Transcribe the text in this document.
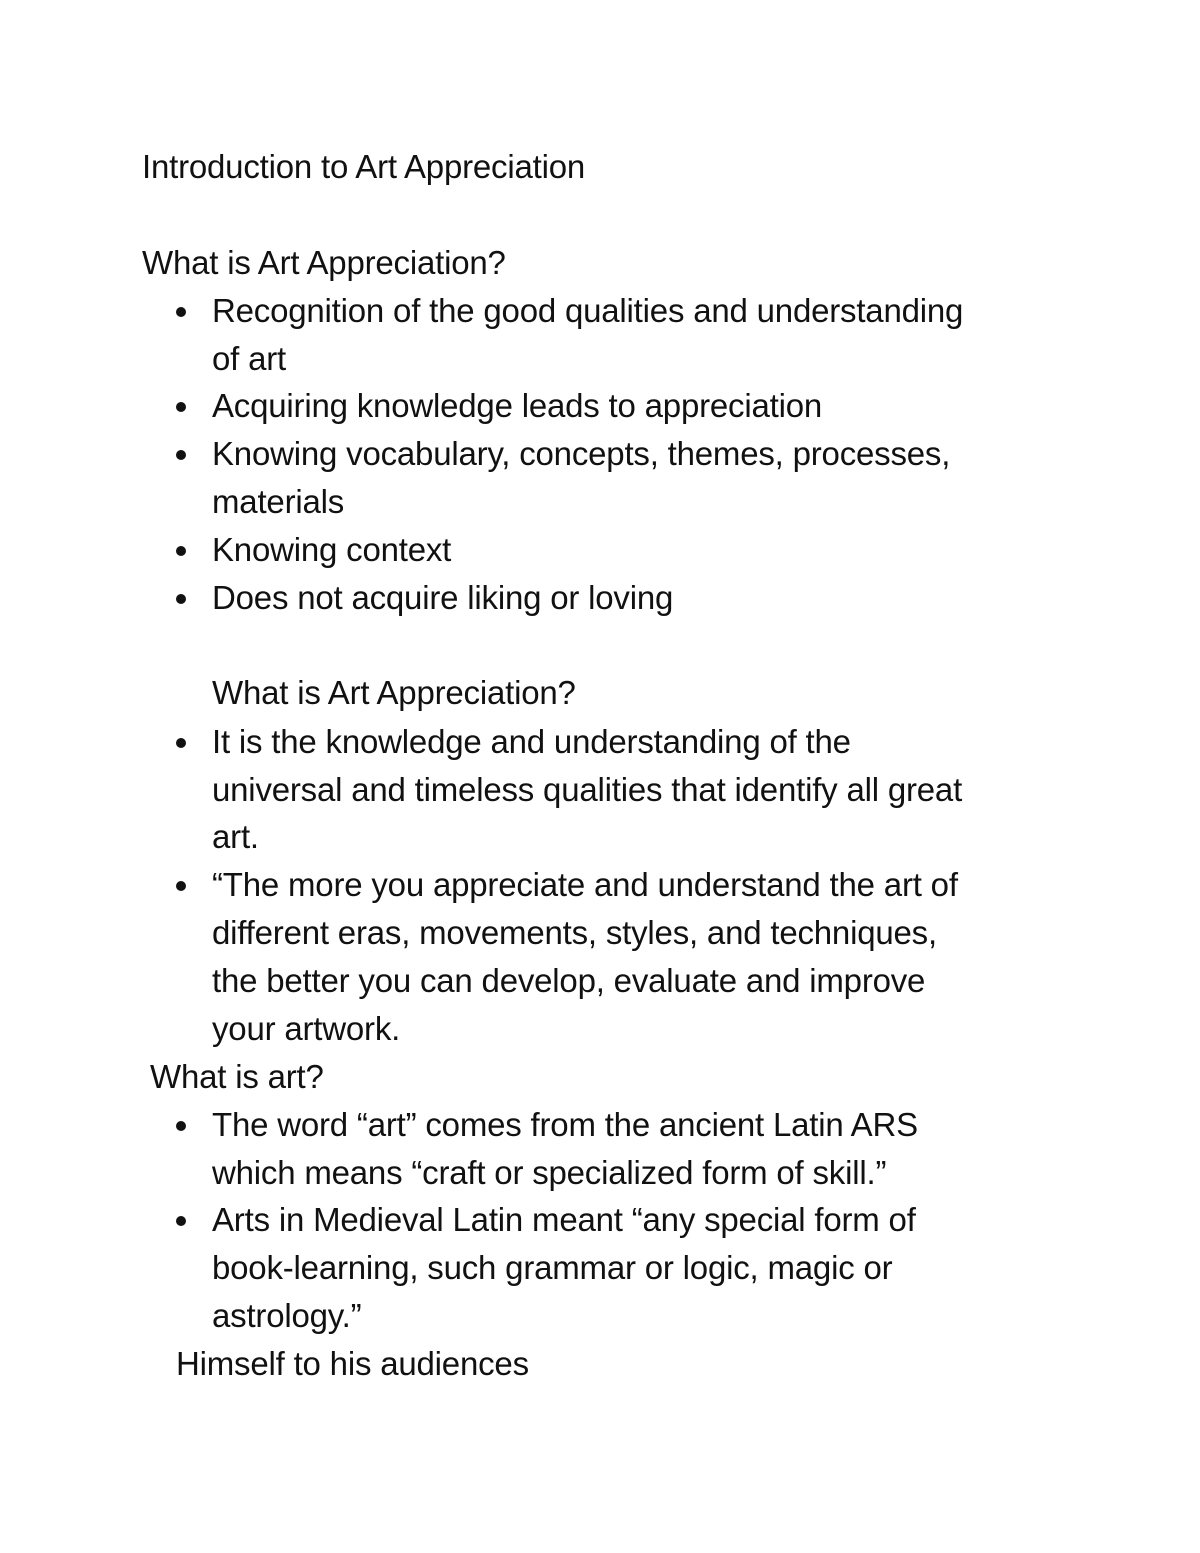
Introduction to Art Appreciation
What is Art Appreciation?
Recognition of the good qualities and understanding
of art
Acquiring knowledge leads to appreciation
Knowing vocabulary, concepts, themes, processes,
materials
Knowing context
Does not acquire liking or loving
What is Art Appreciation?
It is the knowledge and understanding of the
universal and timeless qualities that identify all great
art.
“The more you appreciate and understand the art of
different eras, movements, styles, and techniques,
the better you can develop, evaluate and improve
your artwork.
What is art?
The word “art” comes from the ancient Latin ARS
which means “craft or specialized form of skill.”
Arts in Medieval Latin meant “any special form of
book-learning, such grammar or logic, magic or
astrology.”
Himself to his audiences
